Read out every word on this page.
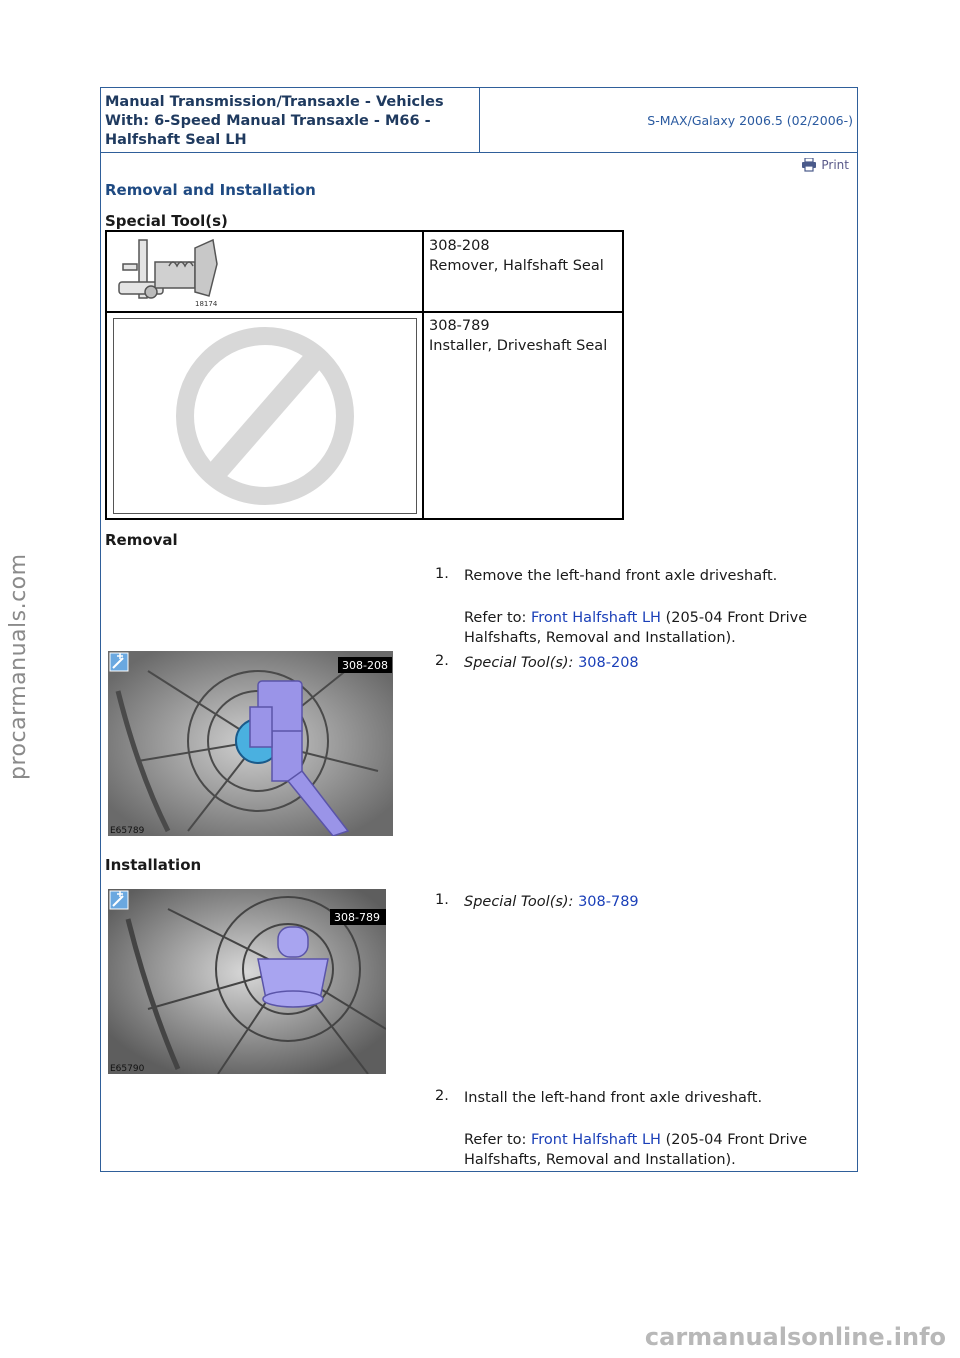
Manual Transmission/Transaxle - Vehicles With: 6-Speed Manual Transaxle - M66 - Halfshaft Seal LH
S-MAX/Galaxy 2006.5 (02/2006-)
Print
Removal and Installation
Special Tool(s)
18174
308-208
Remover, Halfshaft Seal
308-789
Installer, Driveshaft Seal
Removal
1. Remove the left-hand front axle driveshaft.
Refer to: Front Halfshaft LH (205-04 Front Drive Halfshafts, Removal and Installation).
308-208
E65789
2. Special Tool(s): 308-208
Installation
308-789
E65790
1. Special Tool(s): 308-789
2. Install the left-hand front axle driveshaft.
Refer to: Front Halfshaft LH (205-04 Front Drive Halfshafts, Removal and Installation).
procarmanuals.com
carmanualsonline.info
